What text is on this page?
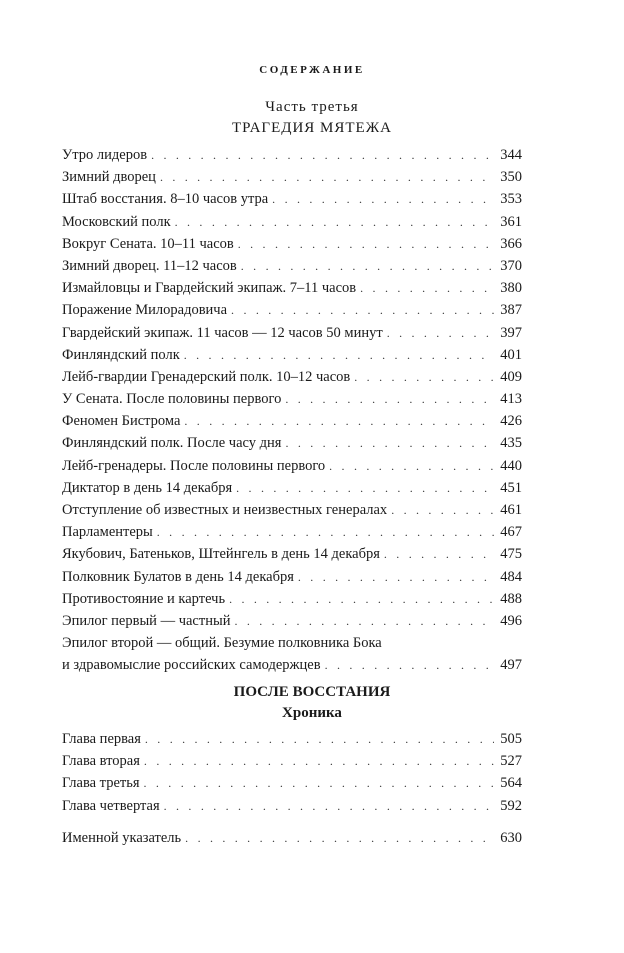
СОДЕРЖАНИЕ
Часть третья
ТРАГЕДИЯ МЯТЕЖА
Утро лидеров . . .	344
Зимний дворец . . .	350
Штаб восстания. 8–10 часов утра . . .	353
Московский полк . . .	361
Вокруг Сената. 10–11 часов . . .	366
Зимний дворец. 11–12 часов . . .	370
Измайловцы и Гвардейский экипаж. 7–11 часов . . .	380
Поражение Милорадовича . . .	387
Гвардейский экипаж. 11 часов — 12 часов 50 минут . . .	397
Финляндский полк . . .	401
Лейб-гвардии Гренадерский полк. 10–12 часов . . .	409
У Сената. После половины первого . . .	413
Феномен Бистрома . . .	426
Финляндский полк. После часу дня . . .	435
Лейб-гренадеры. После половины первого . . .	440
Диктатор в день 14 декабря . . .	451
Отступление об известных и неизвестных генералах . . .	461
Парламентеры . . .	467
Якубович, Батеньков, Штейнгель в день 14 декабря . . .	475
Полковник Булатов в день 14 декабря . . .	484
Противостояние и картечь . . .	488
Эпилог первый — частный . . .	496
Эпилог второй — общий. Безумие полковника Бока
и здравомыслие российских самодержцев . . .	497
ПОСЛЕ ВОССТАНИЯ
Хроника
Глава первая . . .	505
Глава вторая . . .	527
Глава третья . . .	564
Глава четвертая . . .	592
Именной указатель . . .	630
